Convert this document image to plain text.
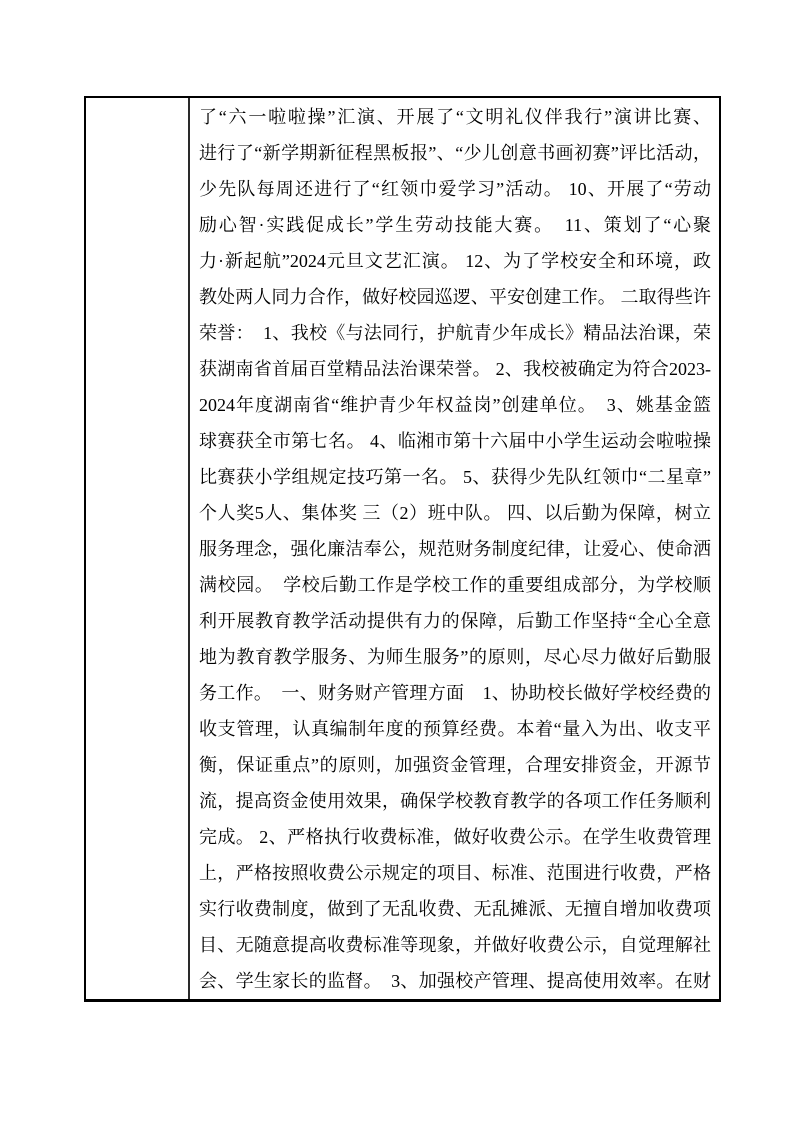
了“六一啦啦操”汇演、开展了“文明礼仪伴我行”演讲比赛、
进行了“新学期新征程黑板报”、“少儿创意书画初赛”评比活动，
少先队每周还进行了“红领巾爱学习”活动。 10、开展了“劳动
励心智·实践促成长”学生劳动技能大赛。　11、策划了“心聚
力·新起航”2024元旦文艺汇演。 12、为了学校安全和环境，政
教处两人同力合作，做好校园巡逻、平安创建工作。 二取得些许
荣誉：　1、我校《与法同行，护航青少年成长》精品法治课，荣
获湖南省首届百堂精品法治课荣誉。 2、我校被确定为符合2023-
2024年度湖南省“维护青少年权益岗”创建单位。　3、姚基金篮
球赛获全市第七名。 4、临湘市第十六届中小学生运动会啦啦操
比赛获小学组规定技巧第一名。 5、获得少先队红领巾“二星章”
个人奖5人、集体奖 三（2）班中队。 四、以后勤为保障，树立
服务理念，强化廉洁奉公，规范财务制度纪律，让爱心、使命洒
满校园。　学校后勤工作是学校工作的重要组成部分，为学校顺
利开展教育教学活动提供有力的保障，后勤工作坚持“全心全意
地为教育教学服务、为师生服务”的原则，尽心尽力做好后勤服
务工作。　一、财务财产管理方面　1、协助校长做好学校经费的
收支管理，认真编制年度的预算经费。本着“量入为出、收支平
衡，保证重点”的原则，加强资金管理，合理安排资金，开源节
流，提高资金使用效果，确保学校教育教学的各项工作任务顺利
完成。 2、严格执行收费标准，做好收费公示。在学生收费管理
上，严格按照收费公示规定的项目、标准、范围进行收费，严格
实行收费制度，做到了无乱收费、无乱摊派、无擅自增加收费项
目、无随意提高收费标准等现象，并做好收费公示，自觉理解社
会、学生家长的监督。　3、加强校产管理、提高使用效率。在财
